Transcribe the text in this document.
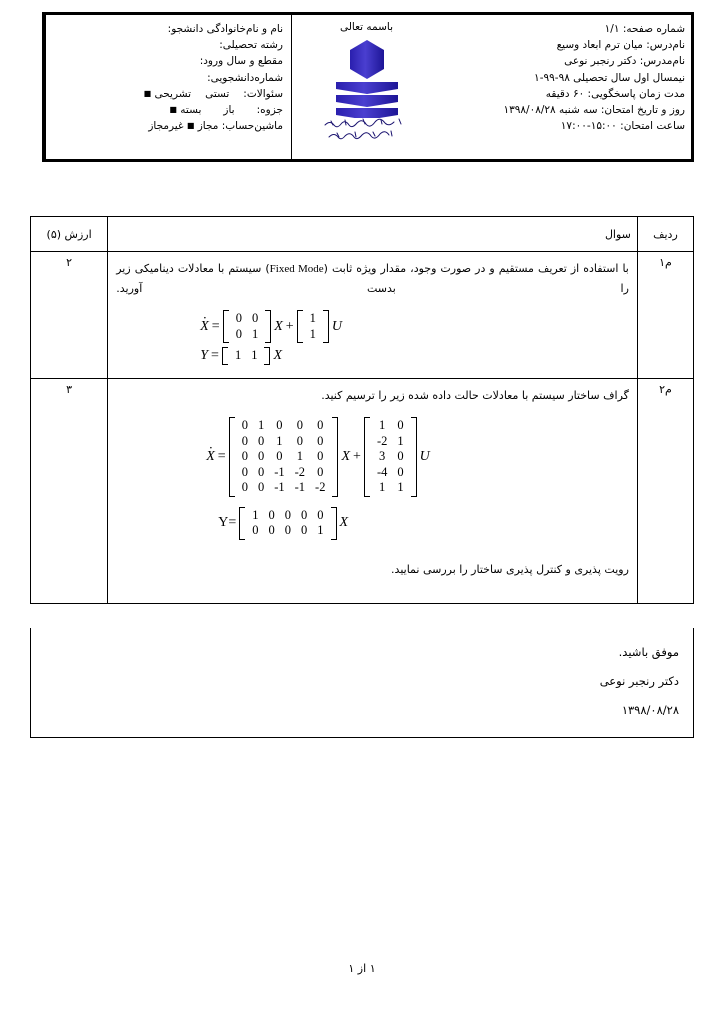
نام و نام‌خانوادگی دانشجو:
رشته تحصیلی:
مقطع و سال ورود:
شماره‌دانشجویی:
سئوالات:تستیتشریحی ■
جزوه:بازبسته ■
ماشین‌حساب: مجاز ■ غیرمجاز
باسمه تعالی	شماره صفحه: ۱/۱
نام‌درس: میان ترم ابعاد وسیع
نام‌مدرس: دکتر رنجبر نوعی
نیمسال اول سال تحصیلی ۹۸-۹۹-۱
مدت زمان پاسخگویی: ۶۰ دقیقه
روز و تاریخ امتحان: سه شنبه ۱۳۹۸/۰۸/۲۸
ساعت امتحان: ۱۵:۰۰-۱۷:۰۰
ردیف	سوال	ارزش (۵)
م۱	
با استفاده از تعریف مستقیم و در صورت وجود، مقدار ویژه ثابت (Fixed Mode) سیستم با معادلات دینامیکی زیر را بدست آورید.
∙ X =
0 0
0 1	X +
1
1	U
Y =	1 1	X
	۲
م۲	
گراف ساختار سیستم با معادلات حالت داده شده زیر را ترسیم کنید.
∙ X =
0 1 0	0	0
0 0 1	0	0
0 0 0	1	0
0 0 -1 -2 0
0 0 -1 -1 -2
X +
1 0
-2 1
3 0
-4 0
1 1
U
Y=
1 0 0 0 0
0 0 0 0 1	X
رویت پذیری و کنترل پذیری ساختار را بررسی نمایید.
	۳
موفق باشید.
دکتر رنجبر نوعی
۱۳۹۸/۰۸/۲۸
۱ از ۱
